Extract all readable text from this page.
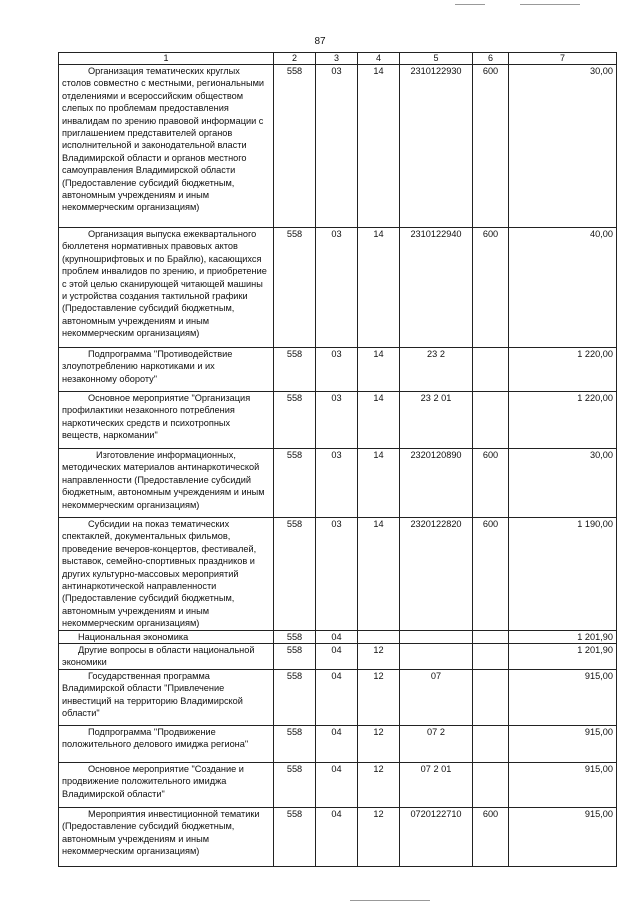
87
1	2	3	4	5	6	7
Организация тематических круглых столов совместно с местными, региональными отделениями и всероссийским обществом слепых по проблемам предоставления инвалидам по зрению правовой информации с приглашением представителей органов исполнительной и законодательной власти Владимирской области и органов местного самоуправления Владимирской области (Предоставление субсидий бюджетным, автономным учреждениям и иным некоммерческим организациям)	558	03	14	2310122930	600	30,00
Организация выпуска ежеквартального бюллетеня нормативных правовых актов (крупношрифтовых и по Брайлю), касающихся проблем инвалидов по зрению, и приобретение с этой целью сканирующей читающей машины и устройства создания тактильной графики (Предоставление субсидий бюджетным, автономным учреждениям и иным некоммерческим организациям)	558	03	14	2310122940	600	40,00
Подпрограмма "Противодействие злоупотреблению наркотиками и их незаконному обороту"	558	03	14	23 2		1 220,00
Основное мероприятие "Организация профилактики незаконного потребления наркотических средств и психотропных веществ, наркомании"	558	03	14	23 2 01		1 220,00
Изготовление информационных, методических материалов антинаркотической направленности (Предоставление субсидий бюджетным, автономным учреждениям и иным некоммерческим организациям)	558	03	14	2320120890	600	30,00
Субсидии на показ тематических спектаклей, документальных фильмов, проведение вечеров-концертов, фестивалей, выставок, семейно-спортивных праздников и других культурно-массовых мероприятий антинаркотической направленности (Предоставление субсидий бюджетным, автономным учреждениям и иным некоммерческим организациям)	558	03	14	2320122820	600	1 190,00
Национальная экономика	558	04				1 201,90
Другие вопросы в области национальной экономики	558	04	12			1 201,90
Государственная программа Владимирской области "Привлечение инвестиций на территорию Владимирской области"	558	04	12	07		915,00
Подпрограмма "Продвижение положительного делового имиджа региона"	558	04	12	07 2		915,00
Основное мероприятие "Создание и продвижение положительного имиджа Владимирской области"	558	04	12	07 2 01		915,00
Мероприятия инвестиционной тематики (Предоставление субсидий бюджетным, автономным учреждениям и иным некоммерческим организациям)	558	04	12	0720122710	600	915,00
